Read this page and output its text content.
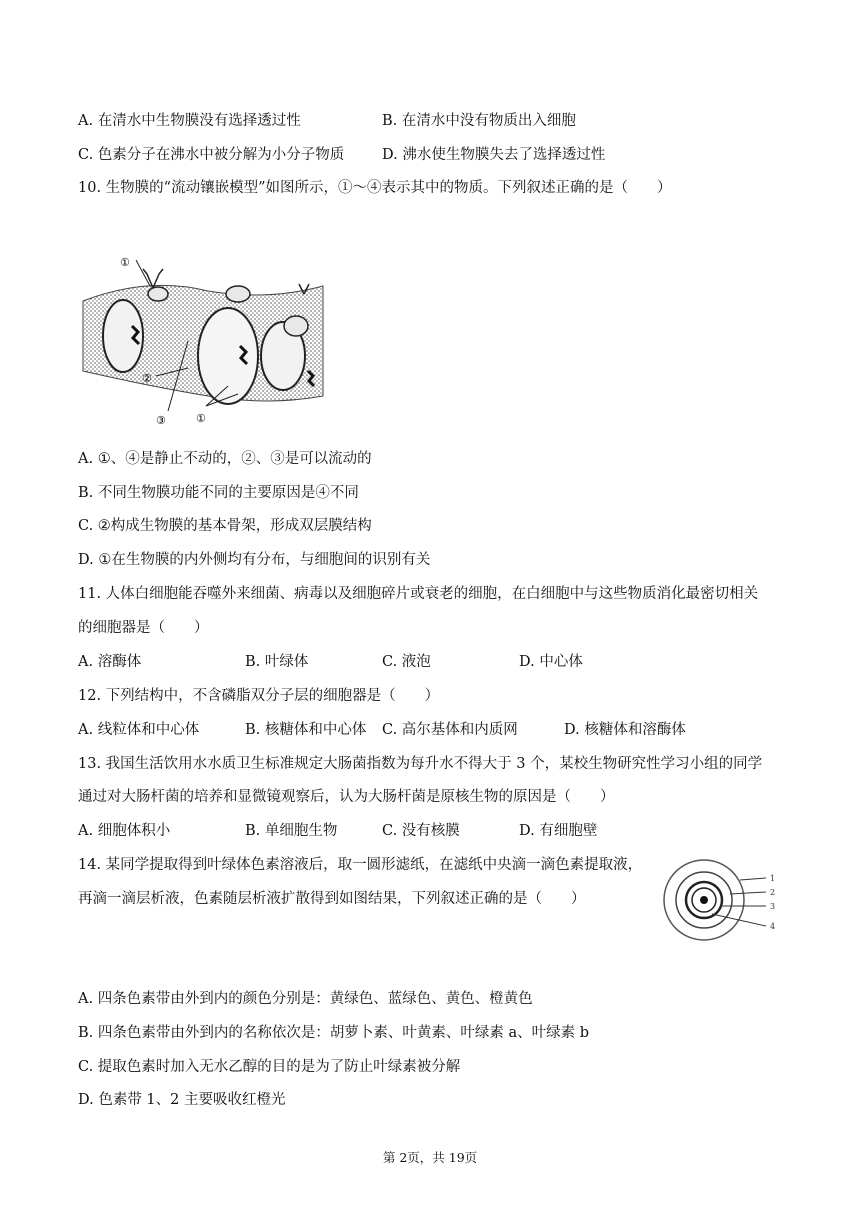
A. 在清水中生物膜没有选择透过性	B. 在清水中没有物质出入细胞
C. 色素分子在沸水中被分解为小分子物质	D. 沸水使生物膜失去了选择透过性
10. 生物膜的“流动镶嵌模型”如图所示，①～④表示其中的物质。下列叙述正确的是（　　）
①
②
③	①
A. ①、④是静止不动的，②、③是可以流动的
B. 不同生物膜功能不同的主要原因是④不同
C. ②构成生物膜的基本骨架，形成双层膜结构
D. ①在生物膜的内外侧均有分布，与细胞间的识别有关
11. 人体白细胞能吞噬外来细菌、病毒以及细胞碎片或衰老的细胞，在白细胞中与这些物质消化最密切相关
的细胞器是（　　）
A. 溶酶体	B. 叶绿体	C. 液泡	D. 中心体
12. 下列结构中，不含磷脂双分子层的细胞器是（　　）
A. 线粒体和中心体	B. 核糖体和中心体 C. 高尔基体和内质网	D. 核糖体和溶酶体
13. 我国生活饮用水水质卫生标准规定大肠菌指数为每升水不得大于 3 个，某校生物研究性学习小组的同学
通过对大肠杆菌的培养和显微镜观察后，认为大肠杆菌是原核生物的原因是（　　）
A. 细胞体积小	B. 单细胞生物	C. 没有核膜	D. 有细胞壁
14. 某同学提取得到叶绿体色素溶液后，取一圆形滤纸，在滤纸中央滴一滴色素提取液，
再滴一滴层析液，色素随层析液扩散得到如图结果，下列叙述正确的是（　　）
1
2
3
4
A. 四条色素带由外到内的颜色分别是：黄绿色、蓝绿色、黄色、橙黄色
B. 四条色素带由外到内的名称依次是：胡萝卜素、叶黄素、叶绿素 a、叶绿素 b
C. 提取色素时加入无水乙醇的目的是为了防止叶绿素被分解
D. 色素带 1、2 主要吸收红橙光
第 2页，共 19页
